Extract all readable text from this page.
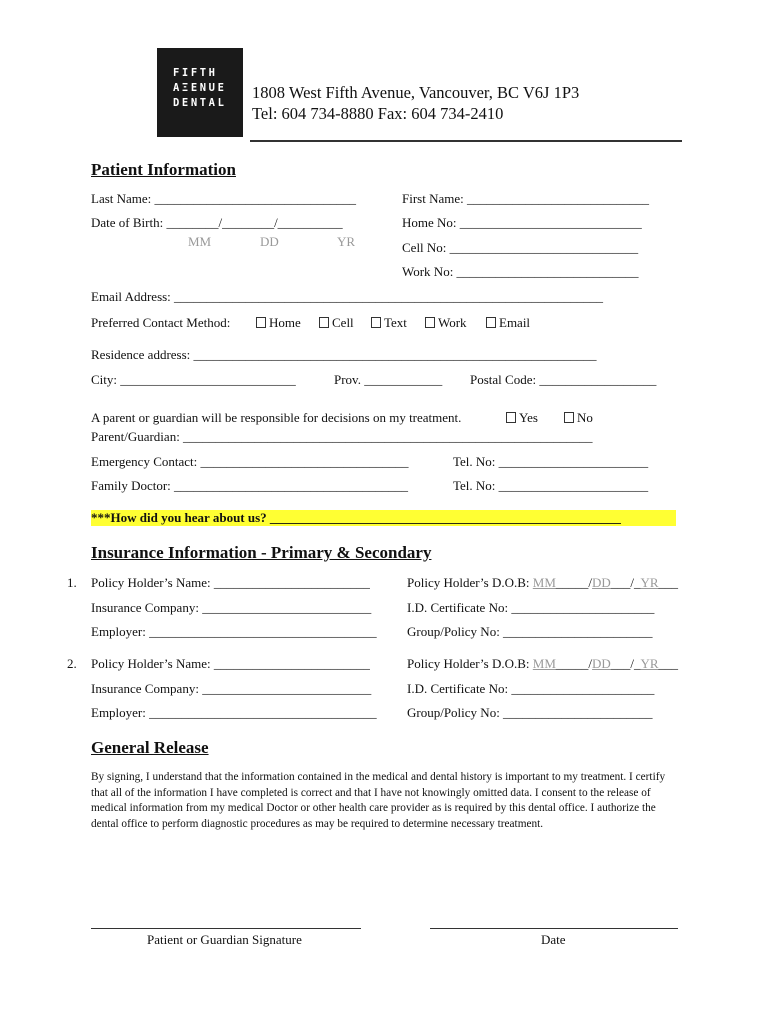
FIFTH
AΞENUE
DENTAL
1808 West Fifth Avenue, Vancouver, BC V6J 1P3
Tel: 604 734-8880 Fax: 604 734-2410
Patient Information
Last Name: _______________________________	First Name: ____________________________
Date of Birth: ________/________/__________
MM	DD	YR
Home No: ____________________________
Cell No: _____________________________
Work No: ____________________________
Email Address: __________________________________________________________________
Preferred Contact Method:	Home	Cell	Text	Work	Email
Residence address: ______________________________________________________________
City: ___________________________	Prov. ____________ Postal Code: __________________
A parent or guardian will be responsible for decisions on my treatment.	Yes	No
Parent/Guardian: _______________________________________________________________
Emergency Contact: ________________________________	Tel. No: _______________________
Family Doctor: ____________________________________	Tel. No: _______________________
***How did you hear about us? ______________________________________________________
Insurance Information - Primary & Secondary
1. Policy Holder’s Name: ________________________	Policy Holder’s D.O.B: MM_____/DD___/_YR___
Insurance Company: __________________________	I.D. Certificate No: ______________________
Employer: ___________________________________ Group/Policy No: _______________________
2. Policy Holder’s Name: ________________________	Policy Holder’s D.O.B: MM_____/DD___/_YR___
Insurance Company: __________________________	I.D. Certificate No: ______________________
Employer: ___________________________________ Group/Policy No: _______________________
General Release
By signing, I understand that the information contained in the medical and dental history is important to my treatment. I certify that all of the information I have completed is correct and that I have not knowingly omitted data. I consent to the release of medical information from my medical Doctor or other health care provider as is required by this dental office. I authorize the dental office to perform diagnostic procedures as may be required to determine necessary treatment.
Patient or Guardian Signature	Date
